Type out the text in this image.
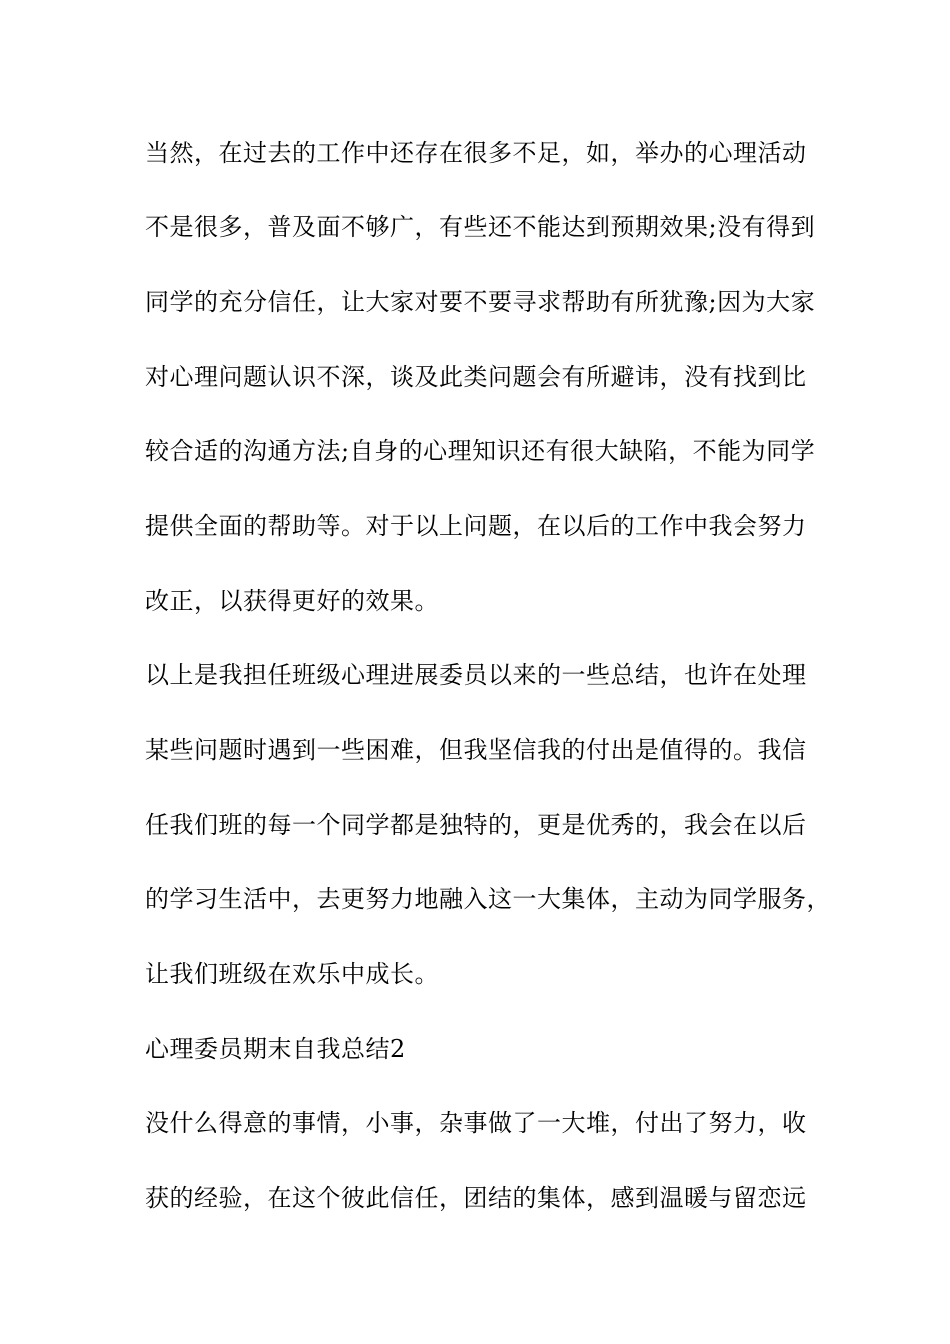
当然，在过去的工作中还存在很多不足，如，举办的心理活动
不是很多，普及面不够广，有些还不能达到预期效果;没有得到
同学的充分信任，让大家对要不要寻求帮助有所犹豫;因为大家
对心理问题认识不深，谈及此类问题会有所避讳，没有找到比
较合适的沟通方法;自身的心理知识还有很大缺陷，不能为同学
提供全面的帮助等。对于以上问题，在以后的工作中我会努力
改正，以获得更好的效果。
以上是我担任班级心理进展委员以来的一些总结，也许在处理
某些问题时遇到一些困难，但我坚信我的付出是值得的。我信
任我们班的每一个同学都是独特的，更是优秀的，我会在以后
的学习生活中，去更努力地融入这一大集体，主动为同学服务，
让我们班级在欢乐中成长。
心理委员期末自我总结2
没什么得意的事情，小事，杂事做了一大堆，付出了努力，收
获的经验，在这个彼此信任，团结的集体，感到温暖与留恋远
